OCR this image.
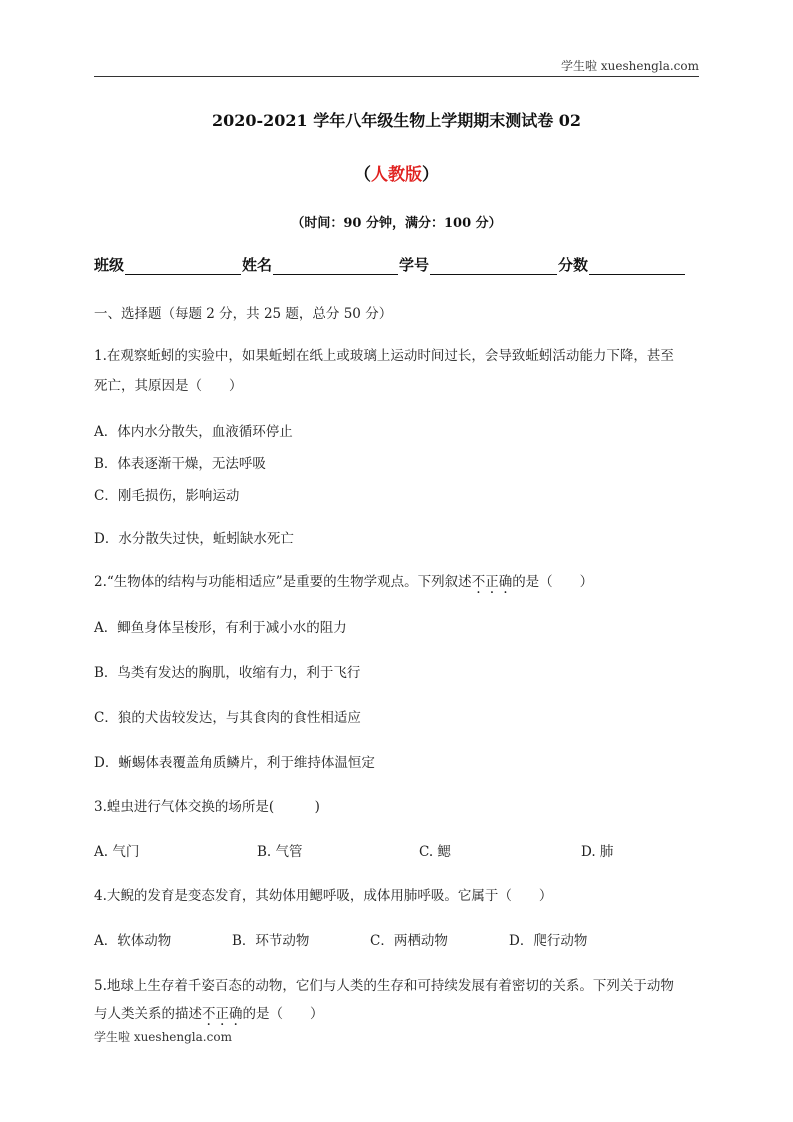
学生啦 xueshengla.com
2020-2021 学年八年级生物上学期期末测试卷 02
（人教版）
（时间：90 分钟，满分：100 分）
班级	姓名	学号	分数
一、选择题（每题 2 分，共 25 题，总分 50 分）
1.在观察蚯蚓的实验中，如果蚯蚓在纸上或玻璃上运动时间过长，会导致蚯蚓活动能力下降，甚至
死亡，其原因是（　　）
A．体内水分散失，血液循环停止
B．体表逐渐干燥，无法呼吸
C．刚毛损伤，影响运动
D．水分散失过快，蚯蚓缺水死亡
2.“生物体的结构与功能相适应”是重要的生物学观点。下列叙述不正确的是（　　）
A．鲫鱼身体呈梭形，有利于减小水的阻力
B．鸟类有发达的胸肌，收缩有力，利于飞行
C．狼的犬齿较发达，与其食肉的食性相适应
D．蜥蜴体表覆盖角质鳞片，利于维持体温恒定
3.蝗虫进行气体交换的场所是(　　　)
A. 气门	B. 气管	C. 鳃	D. 肺
4.大鲵的发育是变态发育，其幼体用鳃呼吸，成体用肺呼吸。它属于（　　）
A．软体动物	B．环节动物	C．两栖动物	D．爬行动物
5.地球上生存着千姿百态的动物，它们与人类的生存和可持续发展有着密切的关系。下列关于动物
与人类关系的描述不正确的是（　　）
学生啦 xueshengla.com
